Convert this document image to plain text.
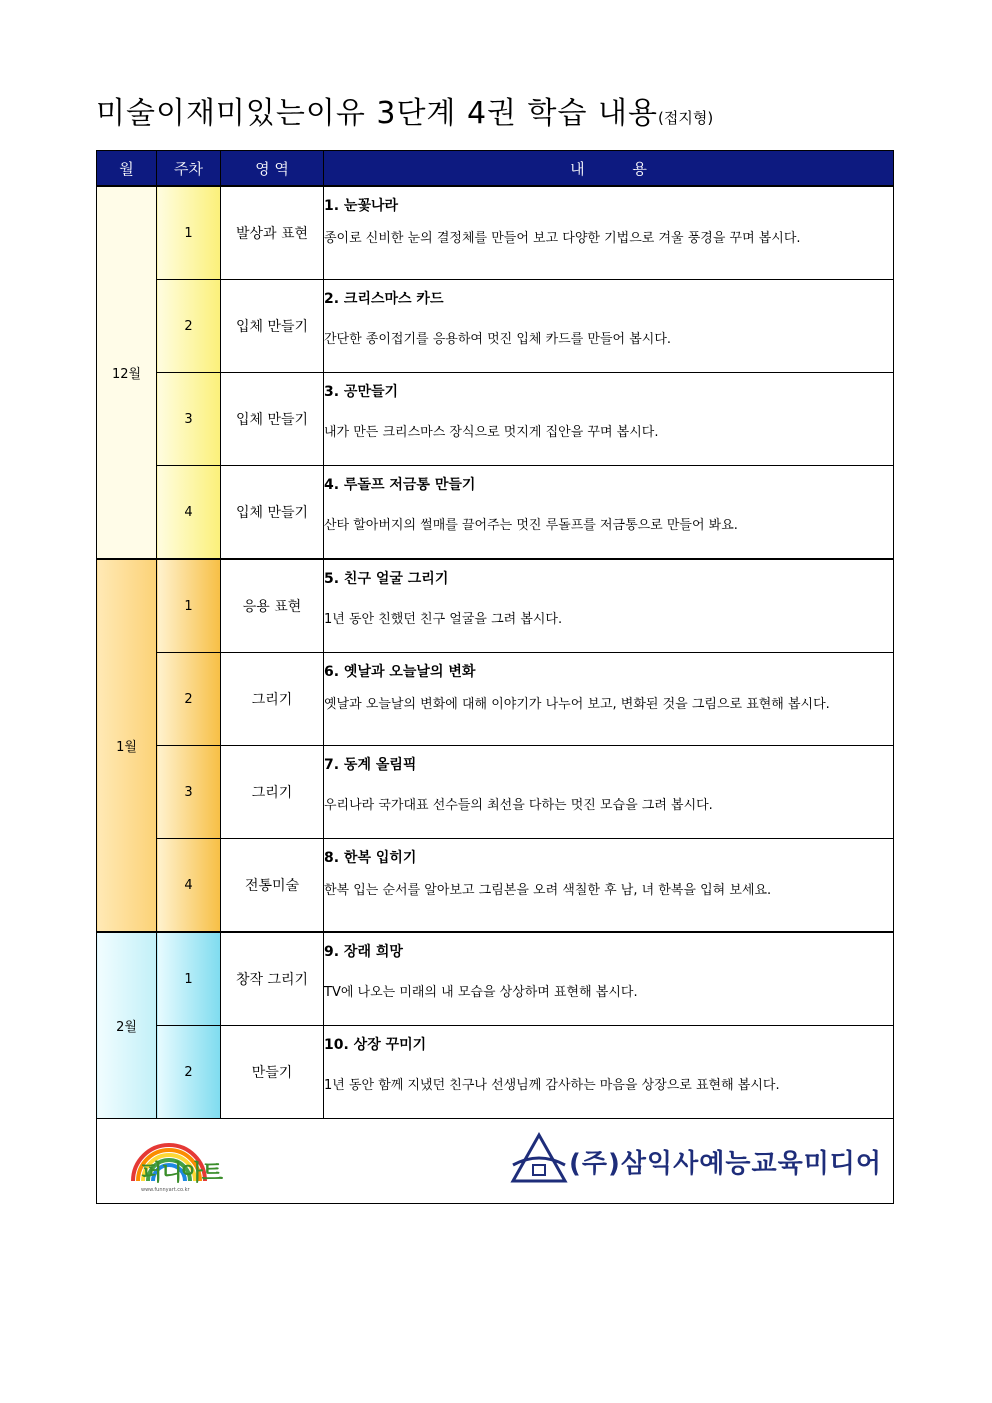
미술이재미있는이유 3단계 4권 학습 내용(접지형)
월	주차	영 역	내          용
12월	1	발상과 표현	1. 눈꽃나라
종이로 신비한 눈의 결정체를 만들어 보고 다양한 기법으로 겨울 풍경을 꾸며 봅시다.

	2	입체 만들기	2. 크리스마스 카드
간단한 종이접기를 응용하여 멋진 입체 카드를 만들어 봅시다.

	3	입체 만들기	3. 공만들기
내가 만든 크리스마스 장식으로 멋지게 집안을 꾸며 봅시다.

	4	입체 만들기	4. 루돌프 저금통 만들기
산타 할아버지의 썰매를 끌어주는 멋진 루돌프를 저금통으로 만들어 봐요.

1월	1	응용 표현	5. 친구 얼굴 그리기
1년 동안 친했던 친구 얼굴을 그려 봅시다.

	2	그리기	6. 옛날과 오늘날의 변화
옛날과 오늘날의 변화에 대해 이야기가 나누어 보고, 변화된 것을 그림으로 표현해 봅시다.

	3	그리기	7. 동계 올림픽
우리나라 국가대표 선수들의 최선을 다하는 멋진 모습을 그려 봅시다.

	4	전통미술	8. 한복 입히기
한복 입는 순서를 알아보고 그림본을 오려 색칠한 후 남, 녀 한복을 입혀 보세요.

2월	1	창작 그리기	9. 장래 희망
TV에 나오는 미래의 내 모습을 상상하며 표현해 봅시다.

	2	만들기	10. 상장 꾸미기
1년 동안 함께 지냈던 친구나 선생님께 감사하는 마음을 상장으로 표현해 봅시다.

퍼니아트
www.funnyart.co.kr
(주)삼익사예능교육미디어			
